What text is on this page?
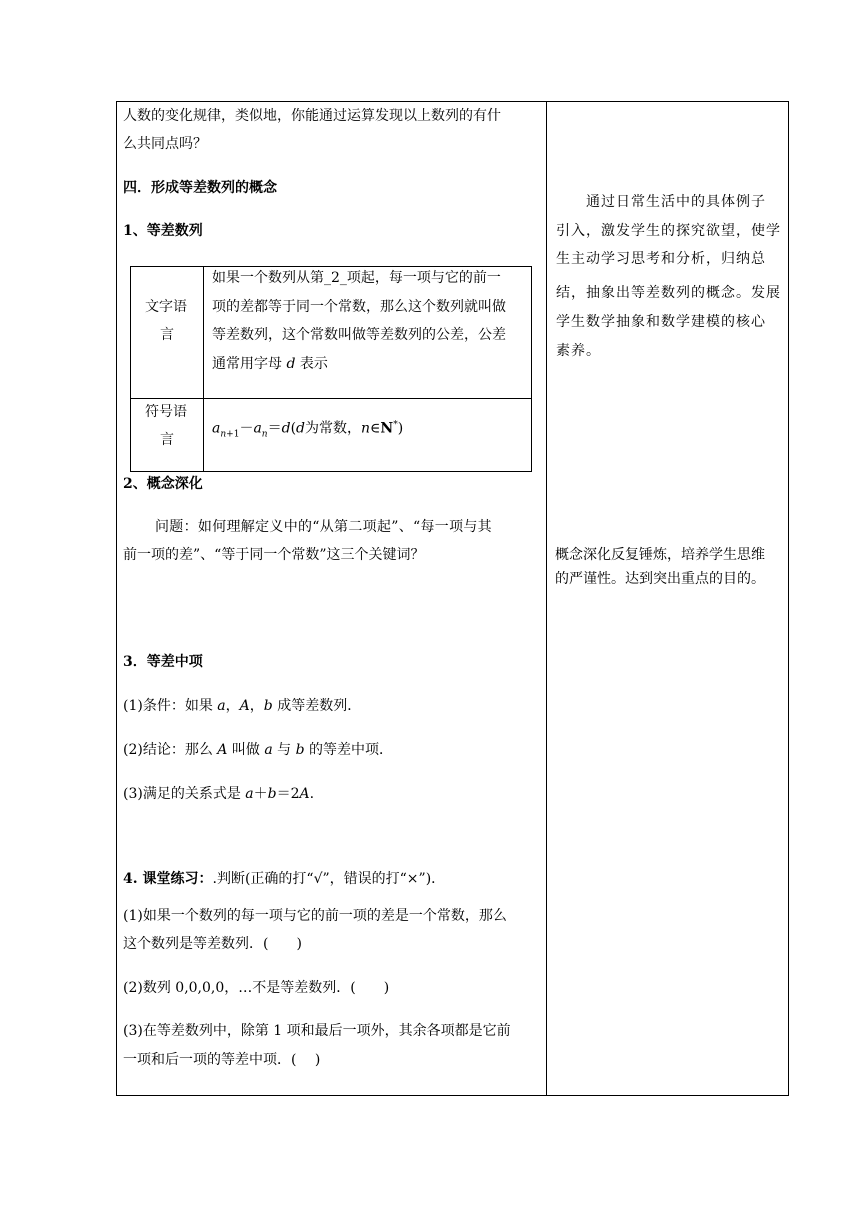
人数的变化规律，类似地，你能通过运算发现以上数列的有什
么共同点吗？
四．形成等差数列的概念
1、等差数列
文字语
言
如果一个数列从第_2_项起，每一项与它的前一
项的差都等于同一个常数，那么这个数列就叫做
等差数列，这个常数叫做等差数列的公差，公差
通常用字母 d 表示
符号语
言
$a_{n+1}-a_n=d(d$为常数，n∈N*)
2、概念深化
问题：如何理解定义中的“从第二项起”、“每一项与其
前一项的差”、“等于同一个常数”这三个关键词？
3．等差中项
(1)条件：如果 a，A，b 成等差数列．
(2)结论：那么 A 叫做 a 与 b 的等差中项．
(3)满足的关系式是 a＋b＝2A.
4. 课堂练习：.判断(正确的打“√”，错误的打“×”)．
(1)如果一个数列的每一项与它的前一项的差是一个常数，那么
这个数列是等差数列．(　　)
(2)数列 0,0,0,0，…不是等差数列．(　　)
(3)在等差数列中，除第 1 项和最后一项外，其余各项都是它前
一项和后一项的等差中项．(　 )
通过日常生活中的具体例子
引入，激发学生的探究欲望，使学
生主动学习思考和分析，归纳总
结，抽象出等差数列的概念。发展
学生数学抽象和数学建模的核心
素养。
概念深化反复锤炼，培养学生思维
的严谨性。达到突出重点的目的。
